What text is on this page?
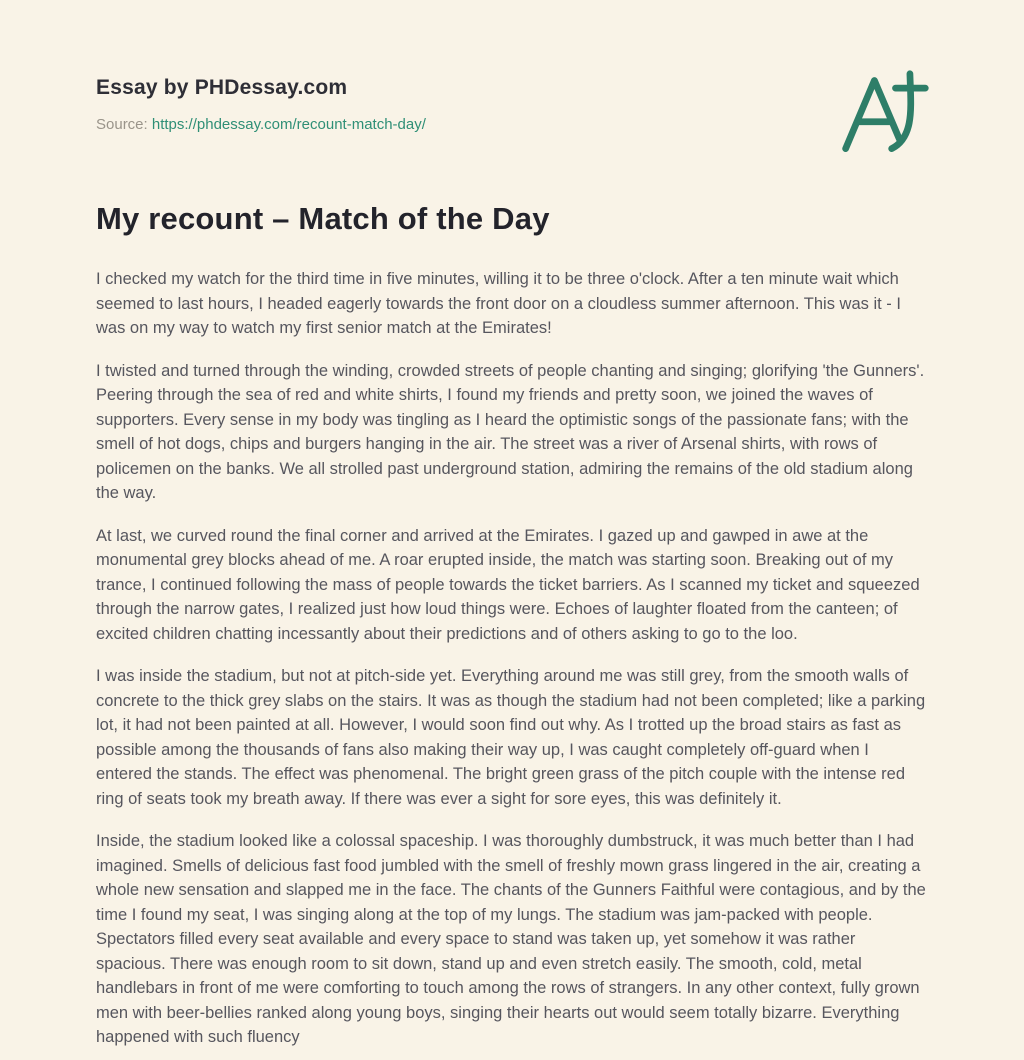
Essay by PHDessay.com
Source: https://phdessay.com/recount-match-day/
My recount – Match of the Day

I checked my watch for the third time in five minutes, willing it to be three o'clock. After a ten minute wait which seemed to last hours, I headed eagerly towards the front door on a cloudless summer afternoon. This was it - I was on my way to watch my first senior match at the Emirates!

I twisted and turned through the winding, crowded streets of people chanting and singing; glorifying 'the Gunners'. Peering through the sea of red and white shirts, I found my friends and pretty soon, we joined the waves of supporters. Every sense in my body was tingling as I heard the optimistic songs of the passionate fans; with the smell of hot dogs, chips and burgers hanging in the air. The street was a river of Arsenal shirts, with rows of policemen on the banks. We all strolled past underground station, admiring the remains of the old stadium along the way.

At last, we curved round the final corner and arrived at the Emirates. I gazed up and gawped in awe at the monumental grey blocks ahead of me. A roar erupted inside, the match was starting soon. Breaking out of my trance, I continued following the mass of people towards the ticket barriers. As I scanned my ticket and squeezed through the narrow gates, I realized just how loud things were. Echoes of laughter floated from the canteen; of excited children chatting incessantly about their predictions and of others asking to go to the loo.

I was inside the stadium, but not at pitch-side yet. Everything around me was still grey, from the smooth walls of concrete to the thick grey slabs on the stairs. It was as though the stadium had not been completed; like a parking lot, it had not been painted at all. However, I would soon find out why. As I trotted up the broad stairs as fast as possible among the thousands of fans also making their way up, I was caught completely off-guard when I entered the stands. The effect was phenomenal. The bright green grass of the pitch couple with the intense red ring of seats took my breath away. If there was ever a sight for sore eyes, this was definitely it.

Inside, the stadium looked like a colossal spaceship. I was thoroughly dumbstruck, it was much better than I had imagined. Smells of delicious fast food jumbled with the smell of freshly mown grass lingered in the air, creating a whole new sensation and slapped me in the face. The chants of the Gunners Faithful were contagious, and by the time I found my seat, I was singing along at the top of my lungs. The stadium was jam-packed with people. Spectators filled every seat available and every space to stand was taken up, yet somehow it was rather spacious. There was enough room to sit down, stand up and even stretch easily. The smooth, cold, metal handlebars in front of me were comforting to touch among the rows of strangers. In any other context, fully grown men with beer-bellies ranked along young boys, singing their hearts out would seem totally bizarre. Everything happened with such fluency
